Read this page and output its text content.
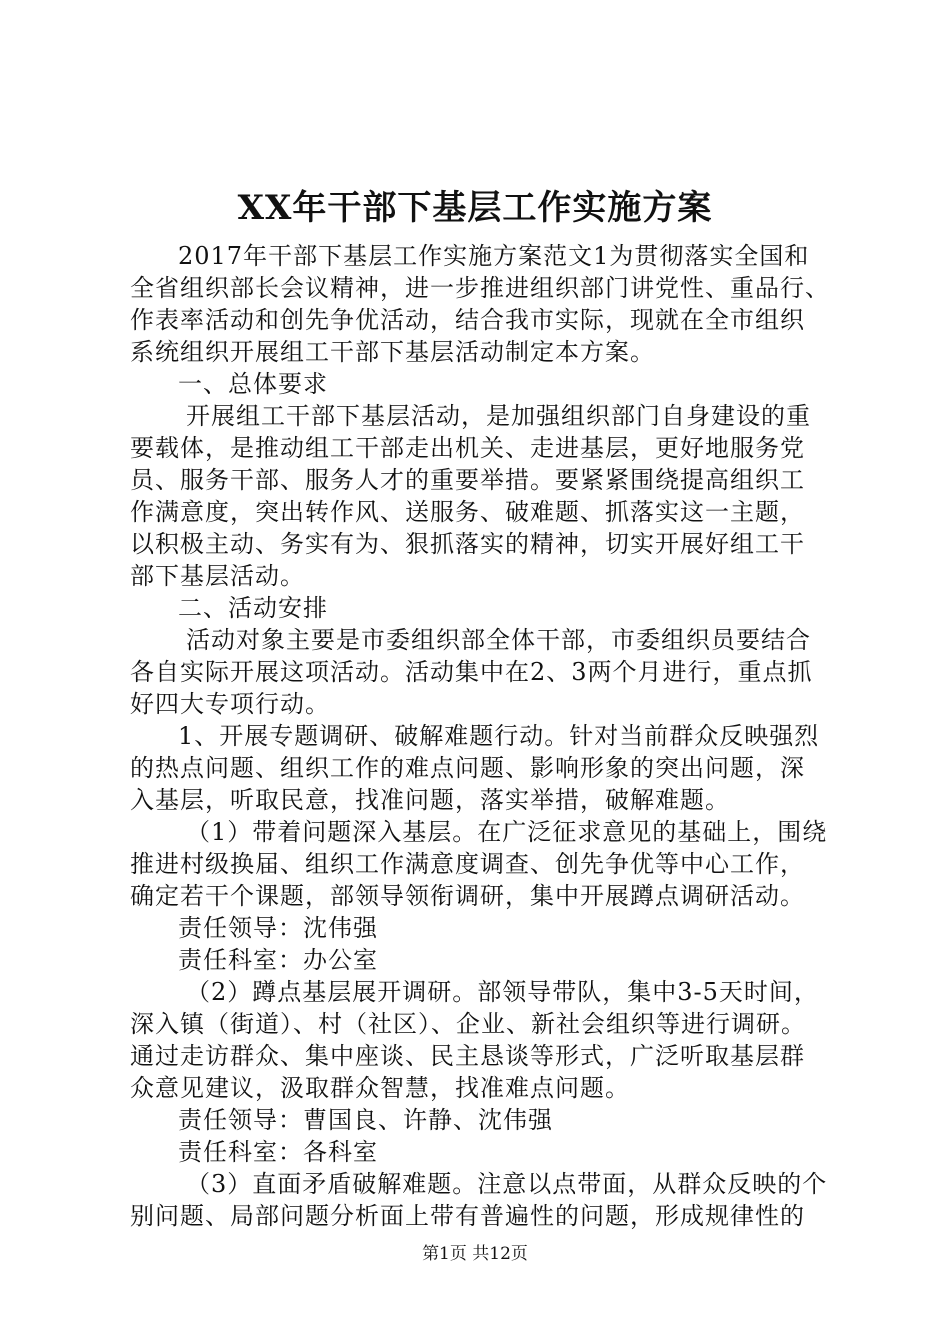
XX年干部下基层工作实施方案
2017年干部下基层工作实施方案范文1为贯彻落实全国和
全省组织部长会议精神，进一步推进组织部门讲党性、重品行、
作表率活动和创先争优活动，结合我市实际，现就在全市组织
系统组织开展组工干部下基层活动制定本方案。
一、总体要求
开展组工干部下基层活动，是加强组织部门自身建设的重
要载体，是推动组工干部走出机关、走进基层，更好地服务党
员、服务干部、服务人才的重要举措。要紧紧围绕提高组织工
作满意度，突出转作风、送服务、破难题、抓落实这一主题，
以积极主动、务实有为、狠抓落实的精神，切实开展好组工干
部下基层活动。
二、活动安排
活动对象主要是市委组织部全体干部，市委组织员要结合
各自实际开展这项活动。活动集中在2、3两个月进行，重点抓
好四大专项行动。
1、开展专题调研、破解难题行动。针对当前群众反映强烈
的热点问题、组织工作的难点问题、影响形象的突出问题，深
入基层，听取民意，找准问题，落实举措，破解难题。
（1）带着问题深入基层。在广泛征求意见的基础上，围绕
推进村级换届、组织工作满意度调查、创先争优等中心工作，
确定若干个课题，部领导领衔调研，集中开展蹲点调研活动。
责任领导：沈伟强
责任科室：办公室
（2）蹲点基层展开调研。部领导带队，集中3-5天时间，
深入镇（街道）、村（社区）、企业、新社会组织等进行调研。
通过走访群众、集中座谈、民主恳谈等形式，广泛听取基层群
众意见建议，汲取群众智慧，找准难点问题。
责任领导：曹国良、许静、沈伟强
责任科室：各科室
（3）直面矛盾破解难题。注意以点带面，从群众反映的个
别问题、局部问题分析面上带有普遍性的问题，形成规律性的
第1页 共12页
